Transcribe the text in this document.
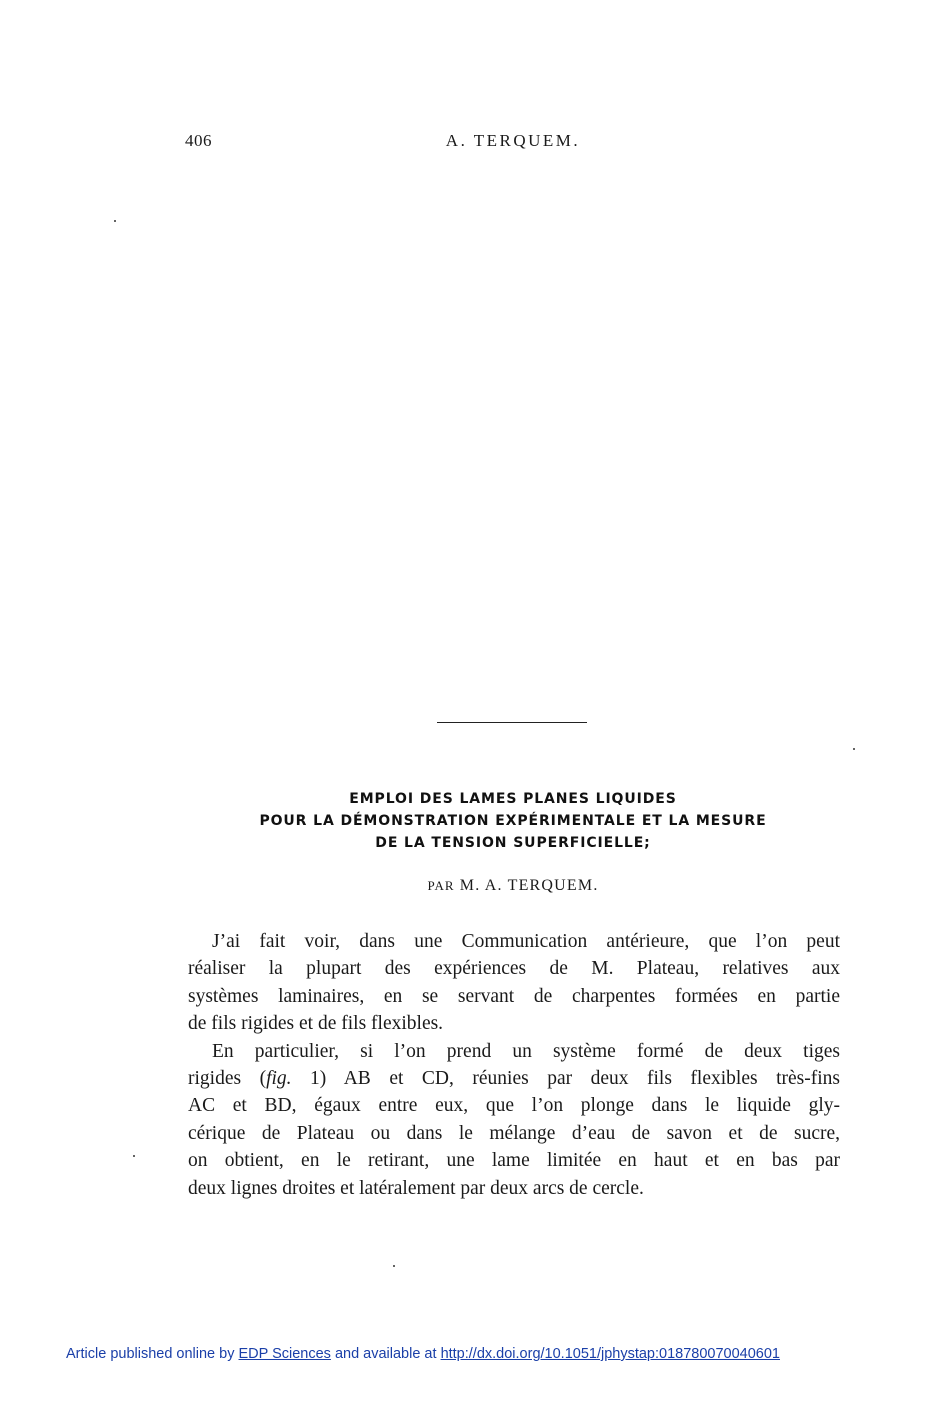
406	A. TERQUEM.
EMPLOI DES LAMES PLANES LIQUIDES
POUR LA DÉMONSTRATION EXPÉRIMENTALE ET LA MESURE
DE LA TENSION SUPERFICIELLE;
PAR M. A. TERQUEM.
J’ai fait voir, dans une Communication antérieure, que l’on peut
réaliser la plupart des expériences de M. Plateau, relatives aux
systèmes laminaires, en se servant de charpentes formées en partie
de fils rigides et de fils flexibles.
En particulier, si l’on prend un système formé de deux tiges
rigides (fig. 1) AB et CD, réunies par deux fils flexibles très-fins
AC et BD, égaux entre eux, que l’on plonge dans le liquide gly-
cérique de Plateau ou dans le mélange d’eau de savon et de sucre,
on obtient, en le retirant, une lame limitée en haut et en bas par
deux lignes droites et latéralement par deux arcs de cercle.
Article published online by EDP Sciences and available at http://dx.doi.org/10.1051/jphystap:018780070040601
